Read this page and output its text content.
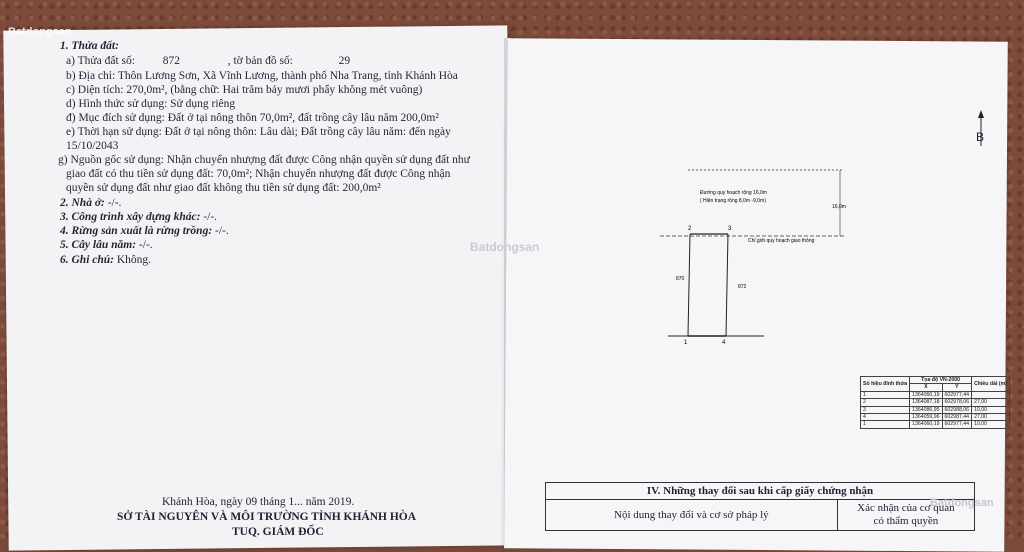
Batdongsan
1. Thửa đất:
a) Thửa đất số: 872	, tờ bản đồ số:	29
b) Địa chỉ: Thôn Lương Sơn, Xã Vĩnh Lương, thành phố Nha Trang, tỉnh Khánh Hòa
c) Diện tích: 270,0m², (bằng chữ: Hai trăm bảy mươi phẩy không mét vuông)
d) Hình thức sử dụng: Sử dụng riêng
đ) Mục đích sử dụng: Đất ở tại nông thôn 70,0m², đất trồng cây lâu năm 200,0m²
e) Thời hạn sử dụng: Đất ở tại nông thôn: Lâu dài; Đất trồng cây lâu năm: đến ngày
15/10/2043
g) Nguồn gốc sử dụng: Nhận chuyển nhượng đất được Công nhận quyền sử dụng đất như
giao đất có thu tiền sử dụng đất: 70,0m²; Nhận chuyển nhượng đất được Công nhận
quyền sử dụng đất như giao đất không thu tiền sử dụng đất: 200,0m²
2. Nhà ở: -/-.
3. Công trình xây dựng khác: -/-.
4. Rừng sản xuất là rừng trồng: -/-.
5. Cây lâu năm: -/-.
6. Ghi chú: Không.
Khánh Hòa, ngày 09 tháng 1... năm 2019.
SỞ TÀI NGUYÊN VÀ MÔI TRƯỜNG TỈNH KHÁNH HÒA
TUQ. GIÁM ĐỐC
Batdongsan
B
Đường quy hoạch rộng 16,0m
( Hiện trạng rộng 8,0m -9,0m)
16,0m
Chỉ giới quy hoạch giao thông
870
872
2	3
1	4
Số hiệu đỉnh thửa	Tọa độ VN-2000		Chiều dài (m)
	X	Y	
1	1364060,19	602977,44	
2	1364087,18	602978,06	27,00
3	1364086,95	602988,06	10,00
4	1364059,96	602987,44	27,00
1	1364060,19	602977,44	10,00
IV. Những thay đổi sau khi cấp giấy chứng nhận
Nội dung thay đổi và cơ sở pháp lý	Xác nhận của cơ quan
có thẩm quyền
Batdongsan
